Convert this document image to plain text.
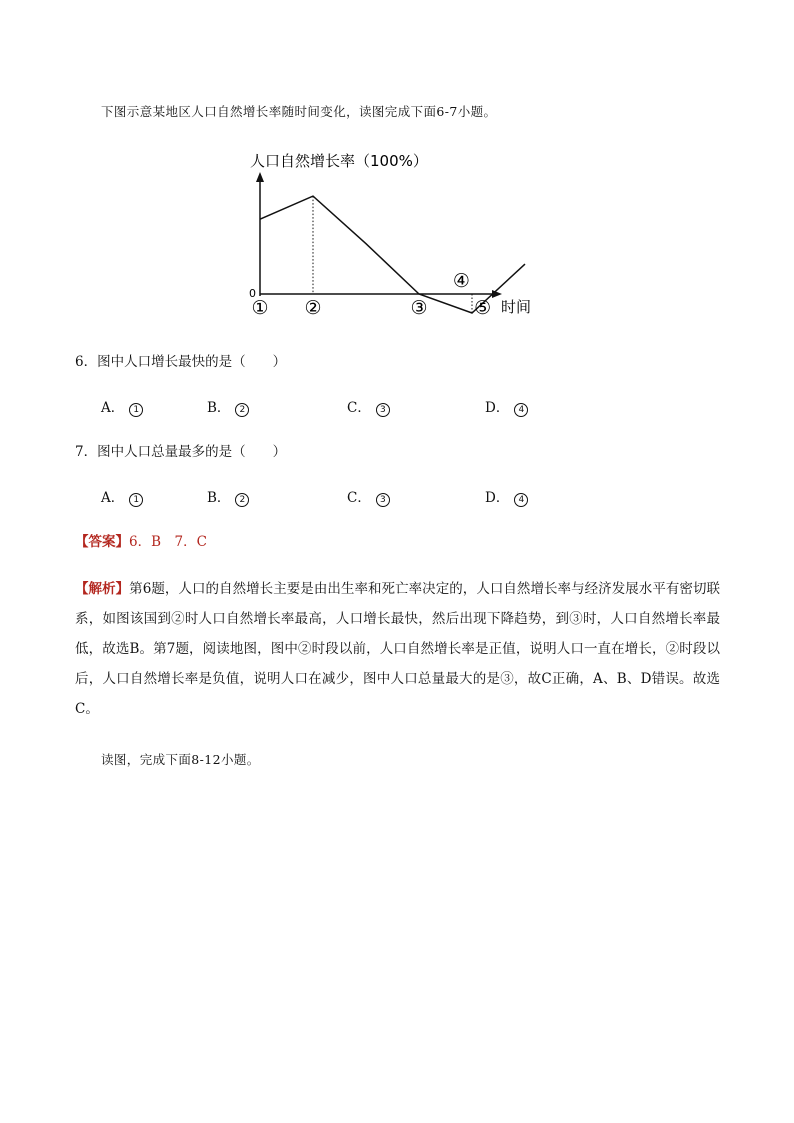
下图示意某地区人口自然增长率随时间变化，读图完成下面6-7小题。
人口自然增长率（100%）
0
时间
① ②	③
④
⑤
6．图中人口增长最快的是（　　）
A． 1	B． 2	C． 3	D． 4
7．图中人口总量最多的是（　　）
A． 1	B． 2	C． 3	D． 4
【答案】6．B　7．C
【解析】第6题，人口的自然增长主要是由出生率和死亡率决定的，人口自然增长率与经济发展水平有密切联系，如图该国到②时人口自然增长率最高，人口增长最快，然后出现下降趋势，到③时，人口自然增长率最低，故选B。第7题，阅读地图，图中②时段以前，人口自然增长率是正值，说明人口一直在增长，②时段以后，人口自然增长率是负值，说明人口在减少，图中人口总量最大的是③，故C正确，A、B、D错误。故选C。
读图，完成下面8-12小题。
